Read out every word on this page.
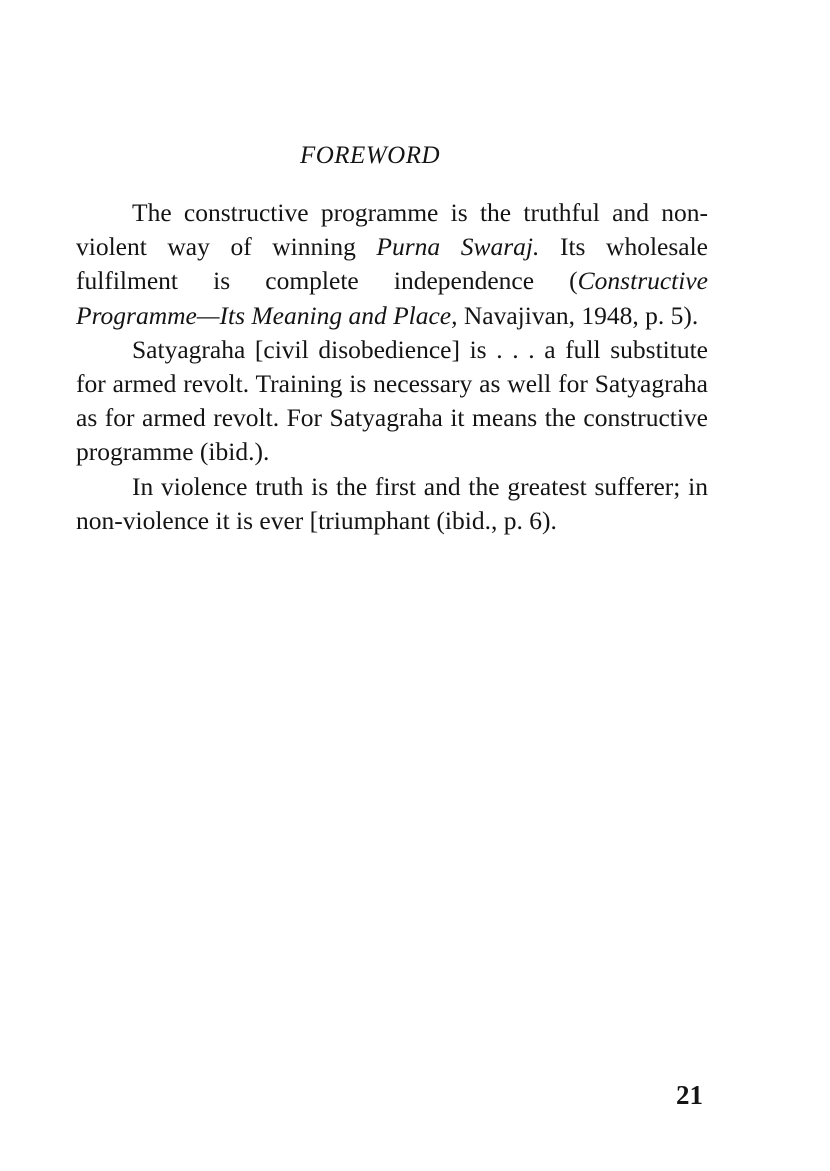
FOREWORD

The constructive programme is the truthful and non-violent way of winning Purna Swaraj. Its wholesale fulfilment is complete independence (Constructive Programme—Its Meaning and Place, Navajivan, 1948, p. 5).

Satyagraha [civil disobedience] is . . . a full substitute for armed revolt. Training is necessary as well for Satyagraha as for armed revolt. For Satyagraha it means the constructive programme (ibid.).

In violence truth is the first and the greatest sufferer; in non-violence it is ever [triumphant (ibid., p. 6).

21
